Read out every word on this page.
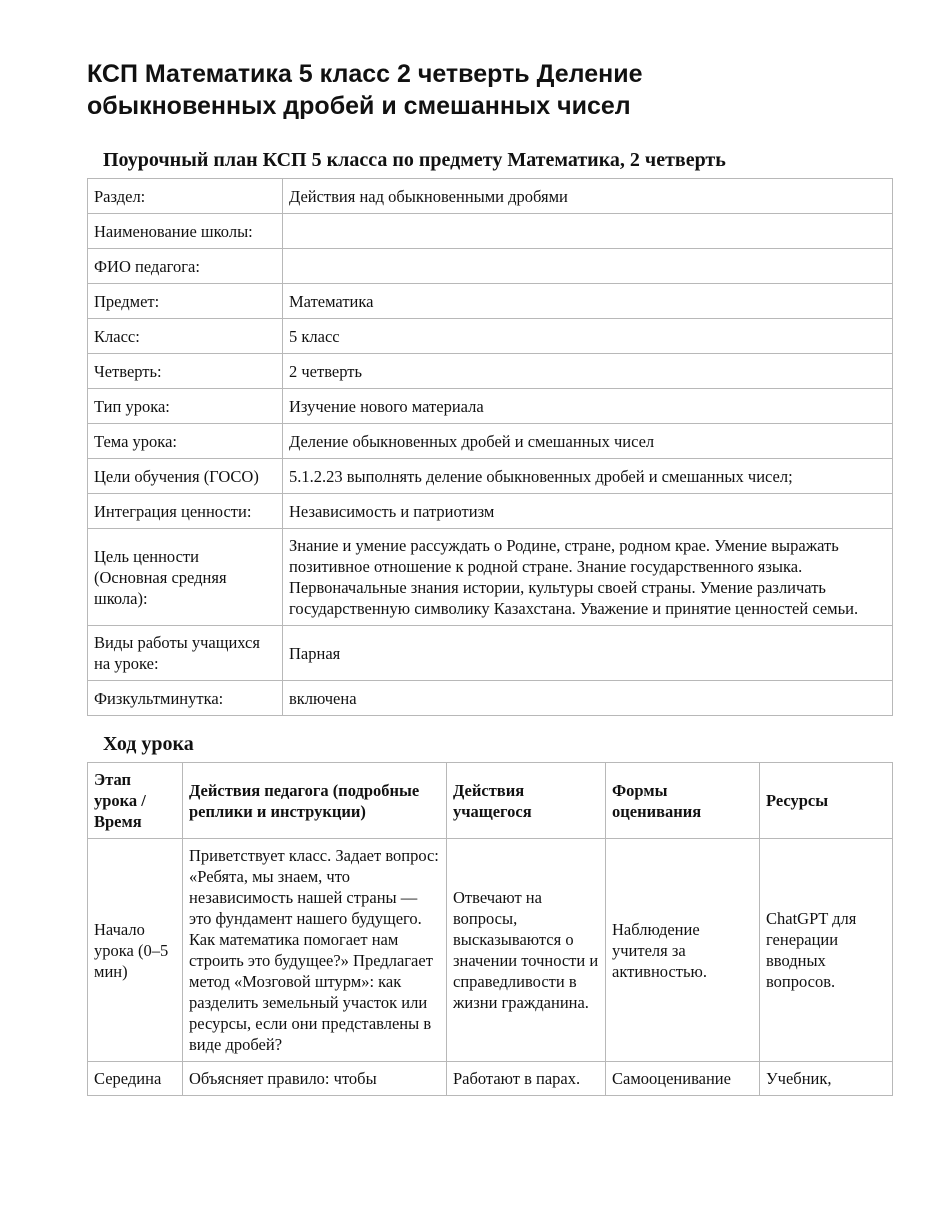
КСП Математика 5 класс 2 четверть Деление обыкновенных дробей и смешанных чисел
Поурочный план КСП 5 класса по предмету Математика, 2 четверть
Раздел:	Действия над обыкновенными дробями
Наименование школы:	
ФИО педагога:	
Предмет:	Математика
Класс:	5 класс
Четверть:	2 четверть
Тип урока:	Изучение нового материала
Тема урока:	Деление обыкновенных дробей и смешанных чисел
Цели обучения (ГОСО)	5.1.2.23 выполнять деление обыкновенных дробей и смешанных чисел;
Интеграция ценности:	Независимость и патриотизм
Цель ценности (Основная средняя школа):	Знание и умение рассуждать о Родине, стране, родном крае. Умение выражать позитивное отношение к родной стране. Знание государственного языка. Первоначальные знания истории, культуры своей страны. Умение различать государственную символику Казахстана. Уважение и принятие ценностей семьи.
Виды работы учащихся на уроке:	Парная
Физкультминутка:	включена
Ход урока
Этап урока / Время	Действия педагога (подробные реплики и инструкции)	Действия учащегося	Формы оценивания	Ресурсы
Начало урока (0–5 мин)	Приветствует класс. Задает вопрос: «Ребята, мы знаем, что независимость нашей страны — это фундамент нашего будущего. Как математика помогает нам строить это будущее?» Предлагает метод «Мозговой штурм»: как разделить земельный участок или ресурсы, если они представлены в виде дробей?	Отвечают на вопросы, высказываются о значении точности и справедливости в жизни гражданина.	Наблюдение учителя за активностью.	ChatGPT для генерации вводных вопросов.
Середина	Объясняет правило: чтобы	Работают в парах.	Самооценивание	Учебник,
